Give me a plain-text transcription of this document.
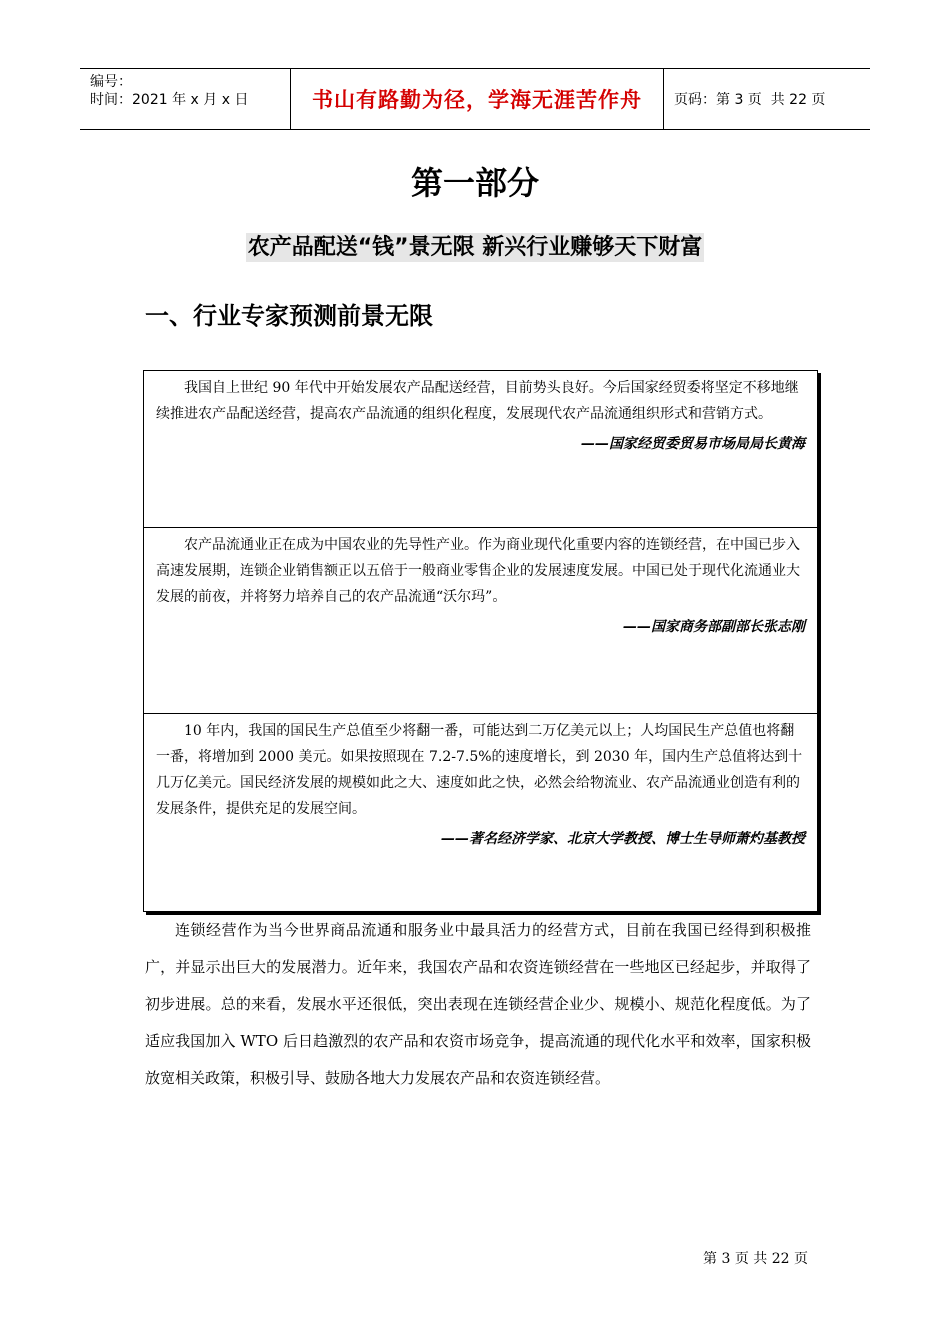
编号：
时间：2021 年 x 月 x 日	书山有路勤为径，学海无涯苦作舟	页码：第 3 页  共 22 页
第一部分
农产品配送“钱”景无限 新兴行业赚够天下财富
一、行业专家预测前景无限

我国自上世纪 90 年代中开始发展农产品配送经营，目前势头良好。今后国家经贸委将坚定不移地继续推进农产品配送经营，提高农产品流通的组织化程度，发展现代农产品流通组织形式和营销方式。

——国家经贸委贸易市场局局长黄海

农产品流通业正在成为中国农业的先导性产业。作为商业现代化重要内容的连锁经营，在中国已步入高速发展期，连锁企业销售额正以五倍于一般商业零售企业的发展速度发展。中国已处于现代化流通业大发展的前夜，并将努力培养自己的农产品流通“沃尔玛”。

——国家商务部副部长张志刚

10 年内，我国的国民生产总值至少将翻一番，可能达到二万亿美元以上；人均国民生产总值也将翻一番，将增加到 2000 美元。如果按照现在 7.2-7.5%的速度增长，到 2030 年，国内生产总值将达到十几万亿美元。国民经济发展的规模如此之大、速度如此之快，必然会给物流业、农产品流通业创造有利的发展条件，提供充足的发展空间。

——著名经济学家、北京大学教授、博士生导师萧灼基教授

连锁经营作为当今世界商品流通和服务业中最具活力的经营方式，目前在我国已经得到积极推广，并显示出巨大的发展潜力。近年来，我国农产品和农资连锁经营在一些地区已经起步，并取得了初步进展。总的来看，发展水平还很低，突出表现在连锁经营企业少、规模小、规范化程度低。为了适应我国加入 WTO 后日趋激烈的农产品和农资市场竞争，提高流通的现代化水平和效率，国家积极放宽相关政策，积极引导、鼓励各地大力发展农产品和农资连锁经营。

第 3 页 共 22 页
